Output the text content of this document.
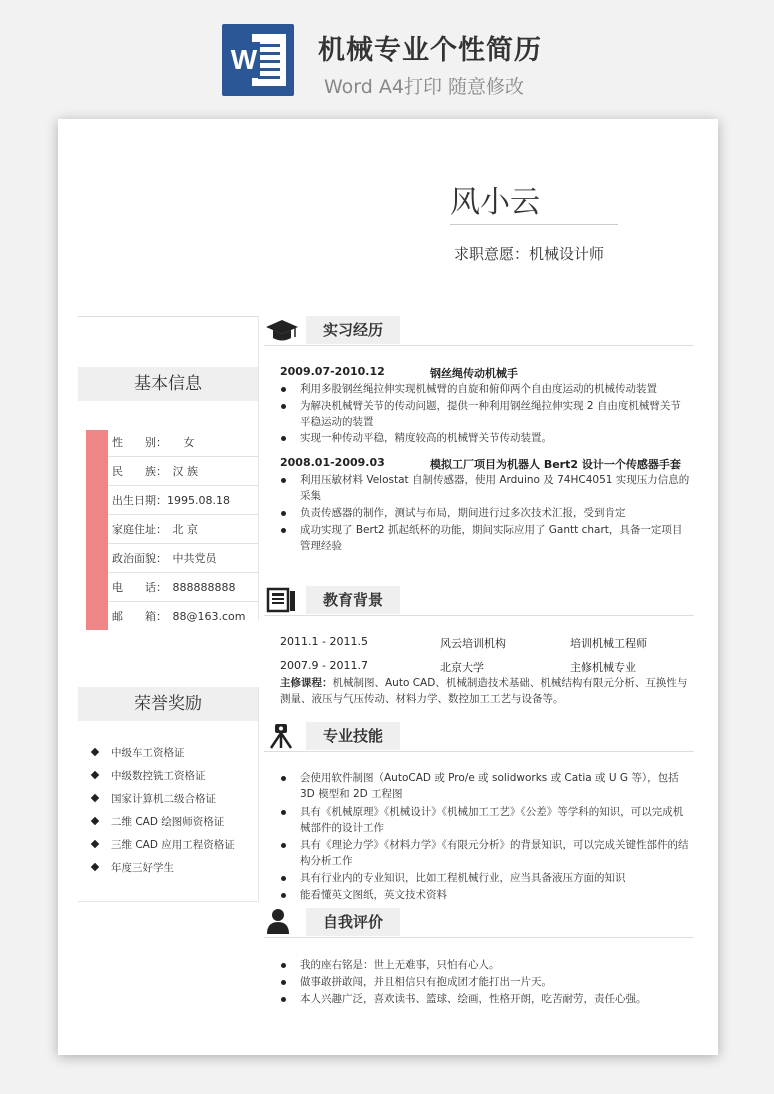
W 机械专业个性简历
Word A4打印 随意修改
风小云
求职意愿：机械设计师
基本信息
性　　别：　　女
民　　族：　汉 族
出生日期：1995.08.18
家庭住址：　北 京
政治面貌：　中共党员
电　　话：　888888888
邮　　箱：　88@163.com
荣誉奖励
中级车工资格证
中级数控铣工资格证
国家计算机二级合格证
二维 CAD 绘图师资格证
三维 CAD 应用工程资格证
年度三好学生
实习经历
2009.07-2010.12	钢丝绳传动机械手
利用多股钢丝绳拉伸实现机械臂的自旋和俯仰两个自由度运动的机械传动装置
为解决机械臂关节的传动问题，提供一种利用钢丝绳拉伸实现 2 自由度机械臂关节平稳运动的装置
实现一种传动平稳，精度较高的机械臂关节传动装置。
2008.01-2009.03	模拟工厂项目为机器人 Bert2 设计一个传感器手套
利用压敏材料 Velostat 自制传感器，使用 Arduino 及 74HC4051 实现压力信息的采集
负责传感器的制作，测试与布局，期间进行过多次技术汇报，受到肯定
成功实现了 Bert2 抓起纸杯的功能，期间实际应用了 Gantt chart，具备一定项目管理经验
教育背景
2011.1 - 2011.5	风云培训机构	培训机械工程师
2007.9 - 2011.7	北京大学	主修机械专业
主修课程：机械制图、Auto CAD、机械制造技术基础、机械结构有限元分析、互换性与测量、液压与气压传动、材料力学、数控加工工艺与设备等。
专业技能
会使用软件制图（AutoCAD 或 Pro/e 或 solidworks 或 Catia 或 U G 等），包括 3D 模型和 2D 工程图
具有《机械原理》《机械设计》《机械加工工艺》《公差》等学科的知识，可以完成机械部件的设计工作
具有《理论力学》《材料力学》《有限元分析》的背景知识，可以完成关键性部件的结构分析工作
具有行业内的专业知识，比如工程机械行业，应当具备液压方面的知识
能看懂英文图纸，英文技术资料
自我评价
我的座右铭是：世上无难事，只怕有心人。
做事敢拼敢闯，并且相信只有抱成团才能打出一片天。
本人兴趣广泛，喜欢读书、篮球、绘画，性格开朗，吃苦耐劳，责任心强。
